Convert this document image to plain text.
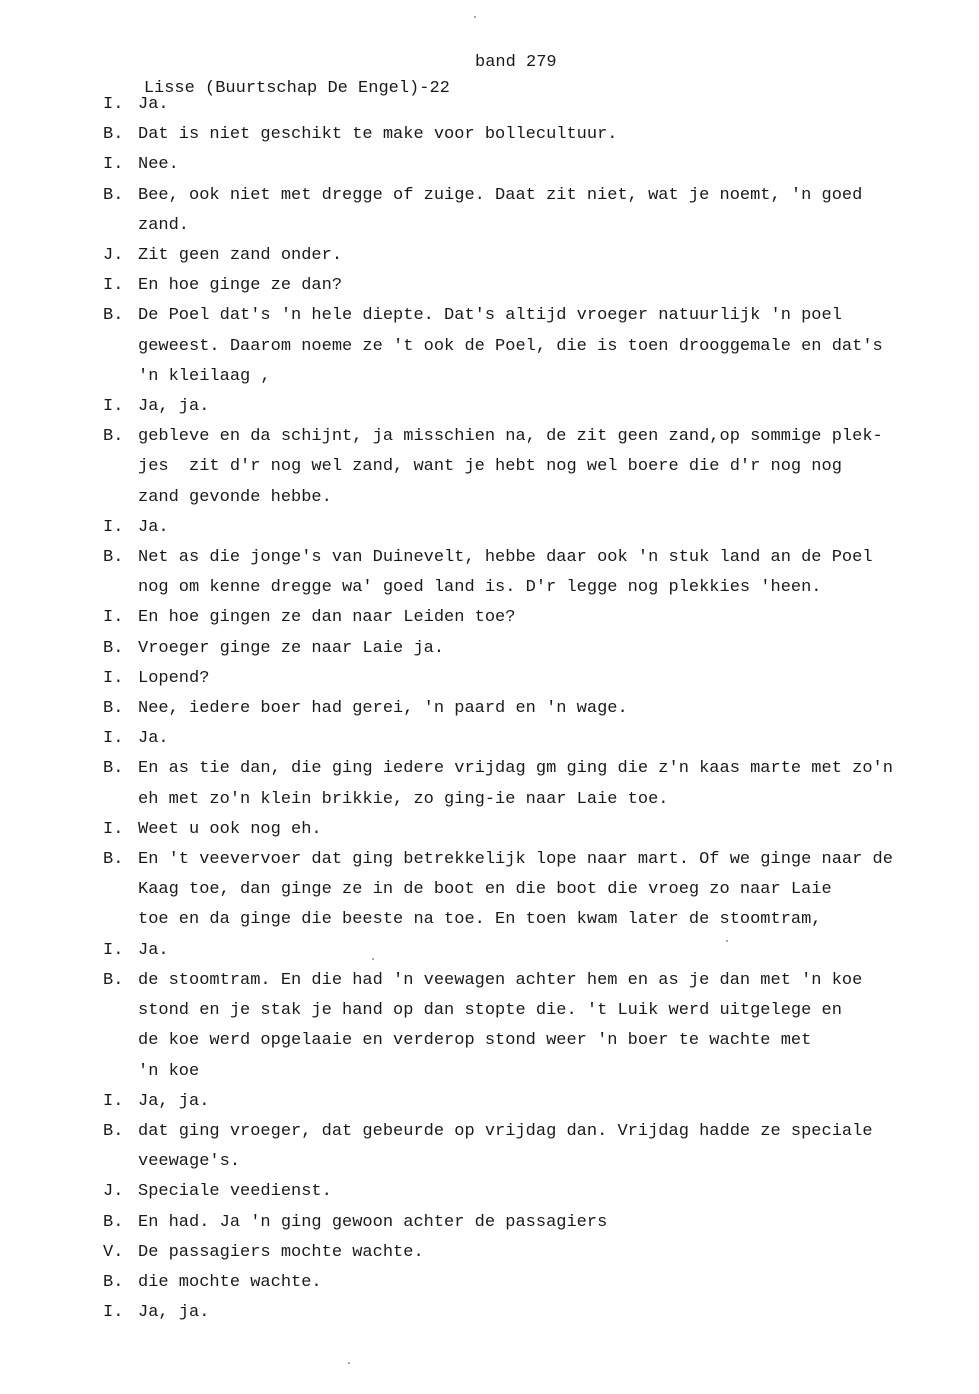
Lisse (Buurtschap De Engel)-22

band 279

I. Ja.
B. Dat is niet geschikt te make voor bollecultuur.
I. Nee.
B. Bee, ook niet met dregge of zuige. Daat zit niet, wat je noemt, 'n goed
zand.
J. Zit geen zand onder.
I. En hoe ginge ze dan?
B. De Poel dat's 'n hele diepte. Dat's altijd vroeger natuurlijk 'n poel
geweest. Daarom noeme ze 't ook de Poel, die is toen drooggemale en dat's
'n kleilaag ,
I. Ja, ja.
B. gebleve en da schijnt, ja misschien na, de zit geen zand,op sommige plek-
jes  zit d'r nog wel zand, want je hebt nog wel boere die d'r nog nog
zand gevonde hebbe.
I. Ja.
B. Net as die jonge's van Duinevelt, hebbe daar ook 'n stuk land an de Poel
nog om kenne dregge wa' goed land is. D'r legge nog plekkies 'heen.
I. En hoe gingen ze dan naar Leiden toe?
B. Vroeger ginge ze naar Laie ja.
I. Lopend?
B. Nee, iedere boer had gerei, 'n paard en 'n wage.
I. Ja.
B. En as tie dan, die ging iedere vrijdag gm ging die z'n kaas marte met zo'n
eh met zo'n klein brikkie, zo ging-ie naar Laie toe.
I. Weet u ook nog eh.
B. En 't veevervoer dat ging betrekkelijk lope naar mart. Of we ginge naar de
Kaag toe, dan ginge ze in de boot en die boot die vroeg zo naar Laie
toe en da ginge die beeste na toe. En toen kwam later de stoomtram,
I. Ja.
B. de stoomtram. En die had 'n veewagen achter hem en as je dan met 'n koe
stond en je stak je hand op dan stopte die. 't Luik werd uitgelege en
de koe werd opgelaaie en verderop stond weer 'n boer te wachte met
'n koe
I. Ja, ja.
B. dat ging vroeger, dat gebeurde op vrijdag dan. Vrijdag hadde ze speciale
veewage's.
J. Speciale veedienst.
B. En had. Ja 'n ging gewoon achter de passagiers
V. De passagiers mochte wachte.
B. die mochte wachte.
I. Ja, ja.
